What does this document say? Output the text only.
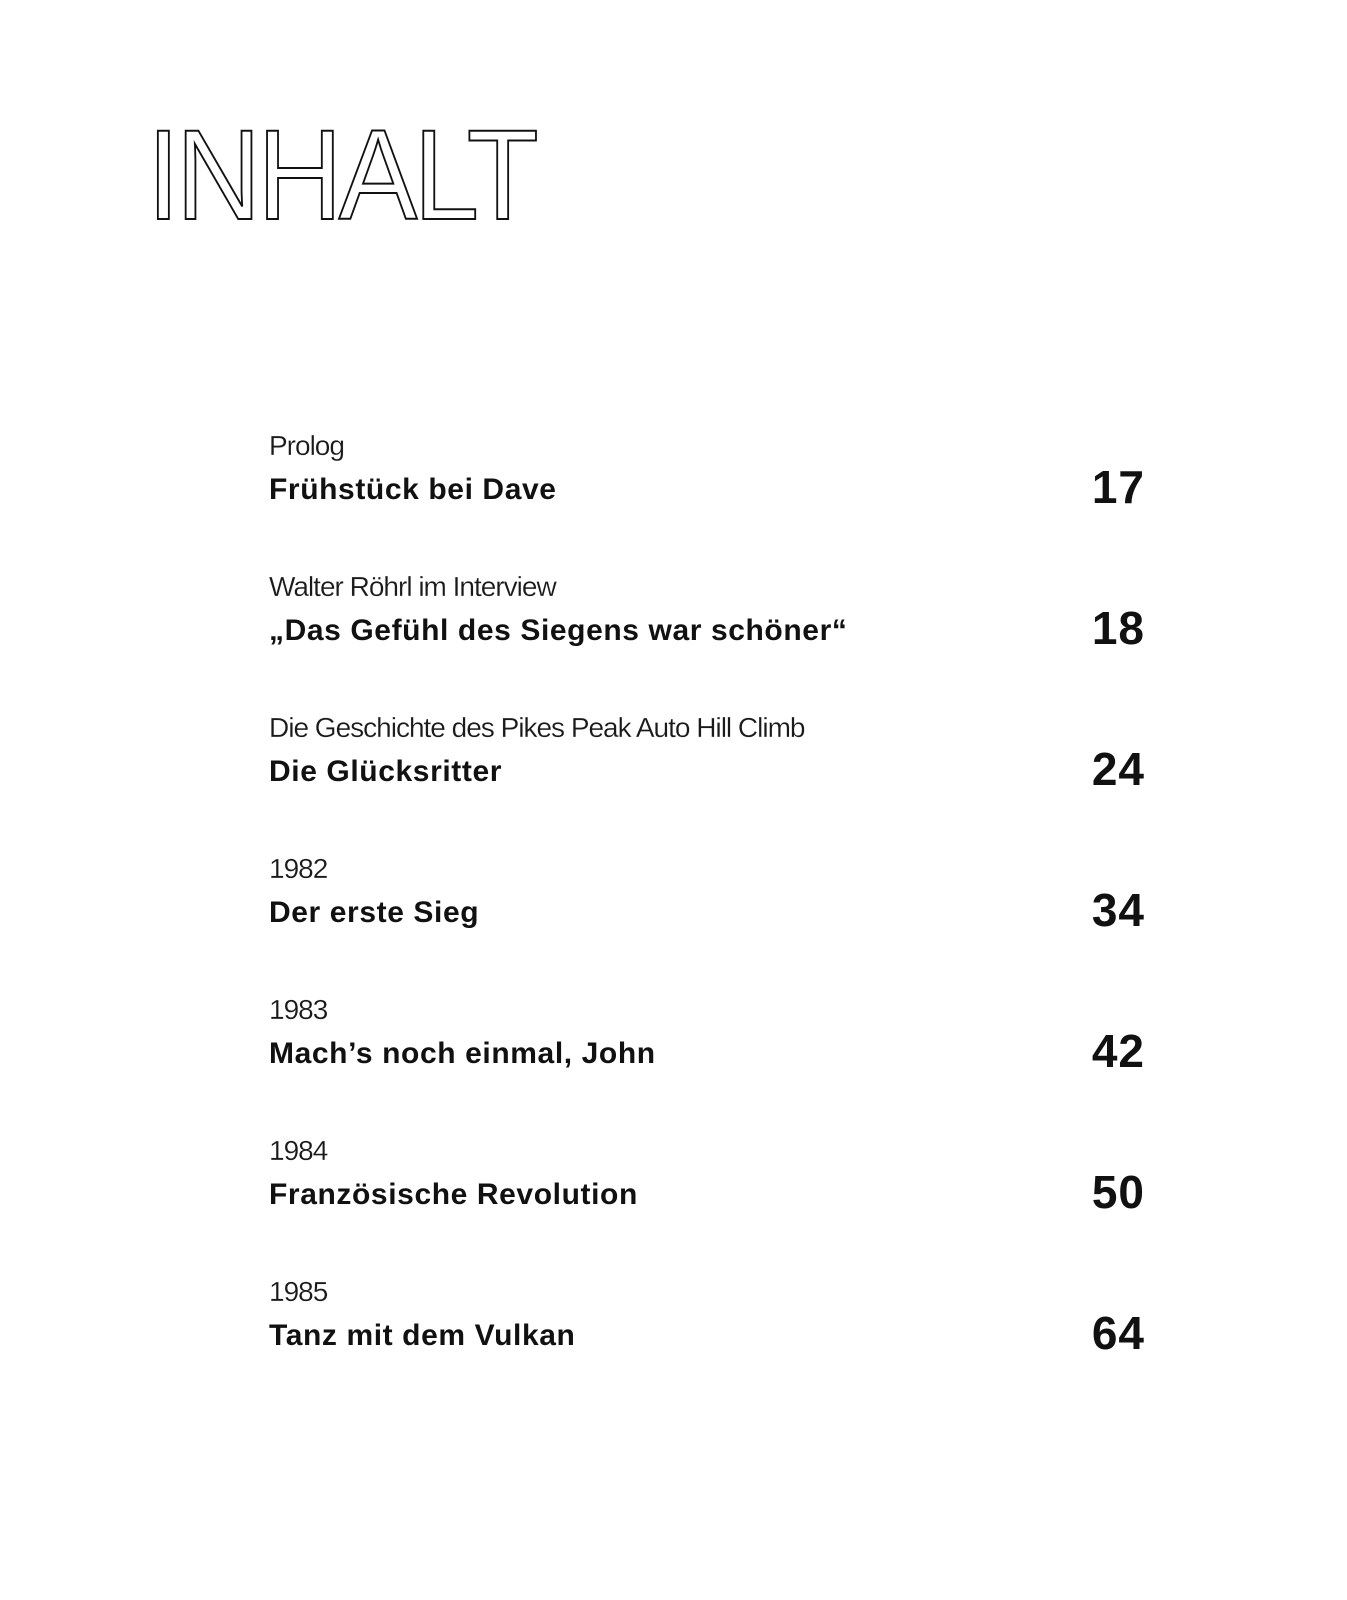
INHALT
Prolog
Frühstück bei Dave	17
Walter Röhrl im Interview
„Das Gefühl des Siegens war schöner“	18
Die Geschichte des Pikes Peak Auto Hill Climb
Die Glücksritter	24
1982
Der erste Sieg	34
1983
Mach’s noch einmal, John	42
1984
Französische Revolution	50
1985
Tanz mit dem Vulkan	64
